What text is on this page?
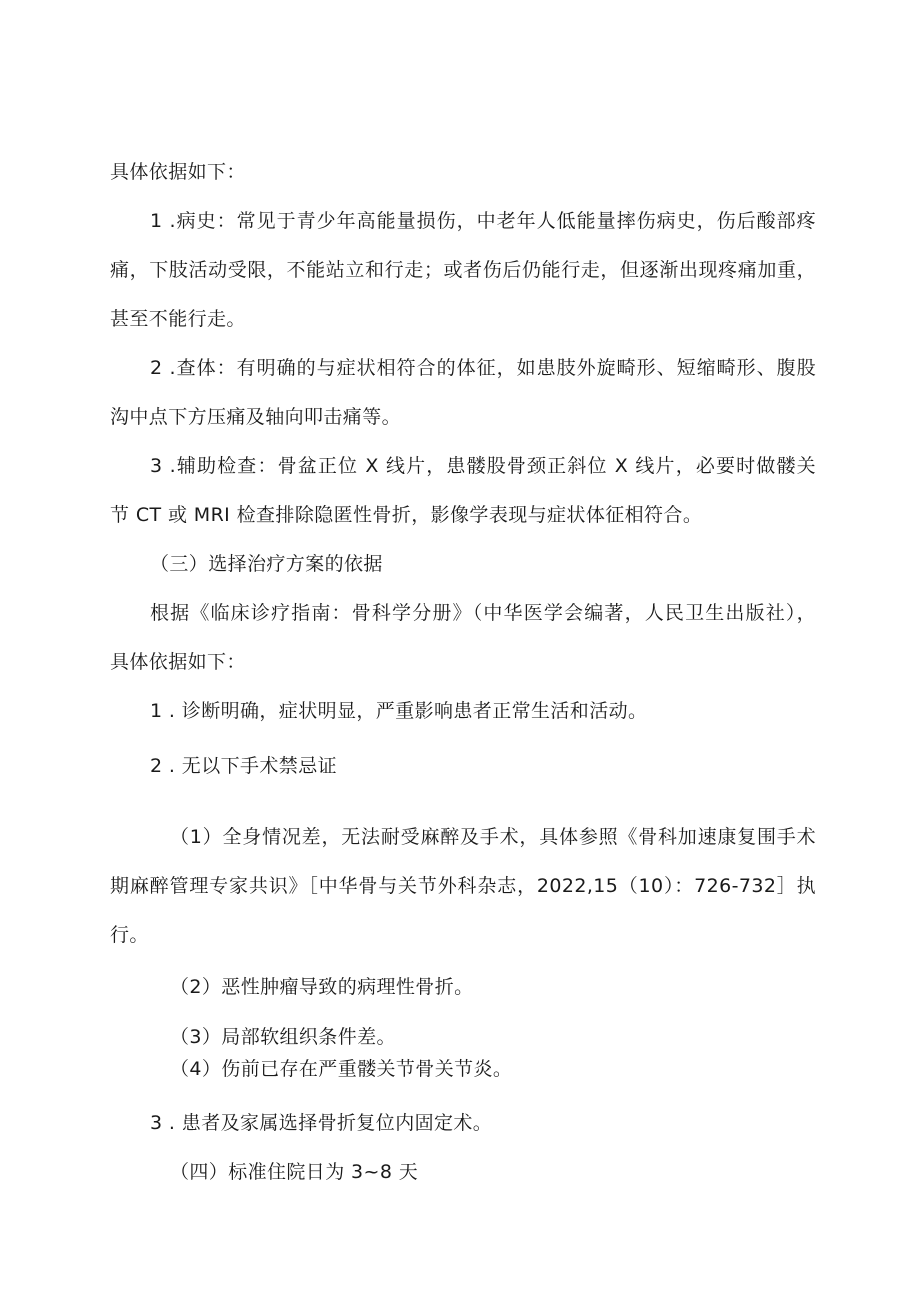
具体依据如下：
1 .病史：常见于青少年高能量损伤，中老年人低能量摔伤病史，伤后酸部疼
痛，下肢活动受限，不能站立和行走；或者伤后仍能行走，但逐渐出现疼痛加重，
甚至不能行走。
2 .查体：有明确的与症状相符合的体征，如患肢外旋畸形、短缩畸形、腹股
沟中点下方压痛及轴向叩击痛等。
3 .辅助检查：骨盆正位 X 线片，患髅股骨颈正斜位 X 线片，必要时做髅关
节 CT 或 MRI 检查排除隐匿性骨折，影像学表现与症状体征相符合。
（三）选择治疗方案的依据
根据《临床诊疗指南：骨科学分册》（中华医学会编著，人民卫生出版社），
具体依据如下：
1 . 诊断明确，症状明显，严重影响患者正常生活和活动。
2 . 无以下手术禁忌证
（1）全身情况差，无法耐受麻醉及手术，具体参照《骨科加速康复围手术
期麻醉管理专家共识》［中华骨与关节外科杂志，2022,15（10）：726-732］执
行。
（2）恶性肿瘤导致的病理性骨折。
（3）局部软组织条件差。
（4）伤前已存在严重髅关节骨关节炎。
3 . 患者及家属选择骨折复位内固定术。
（四）标准住院日为 3~8 天
